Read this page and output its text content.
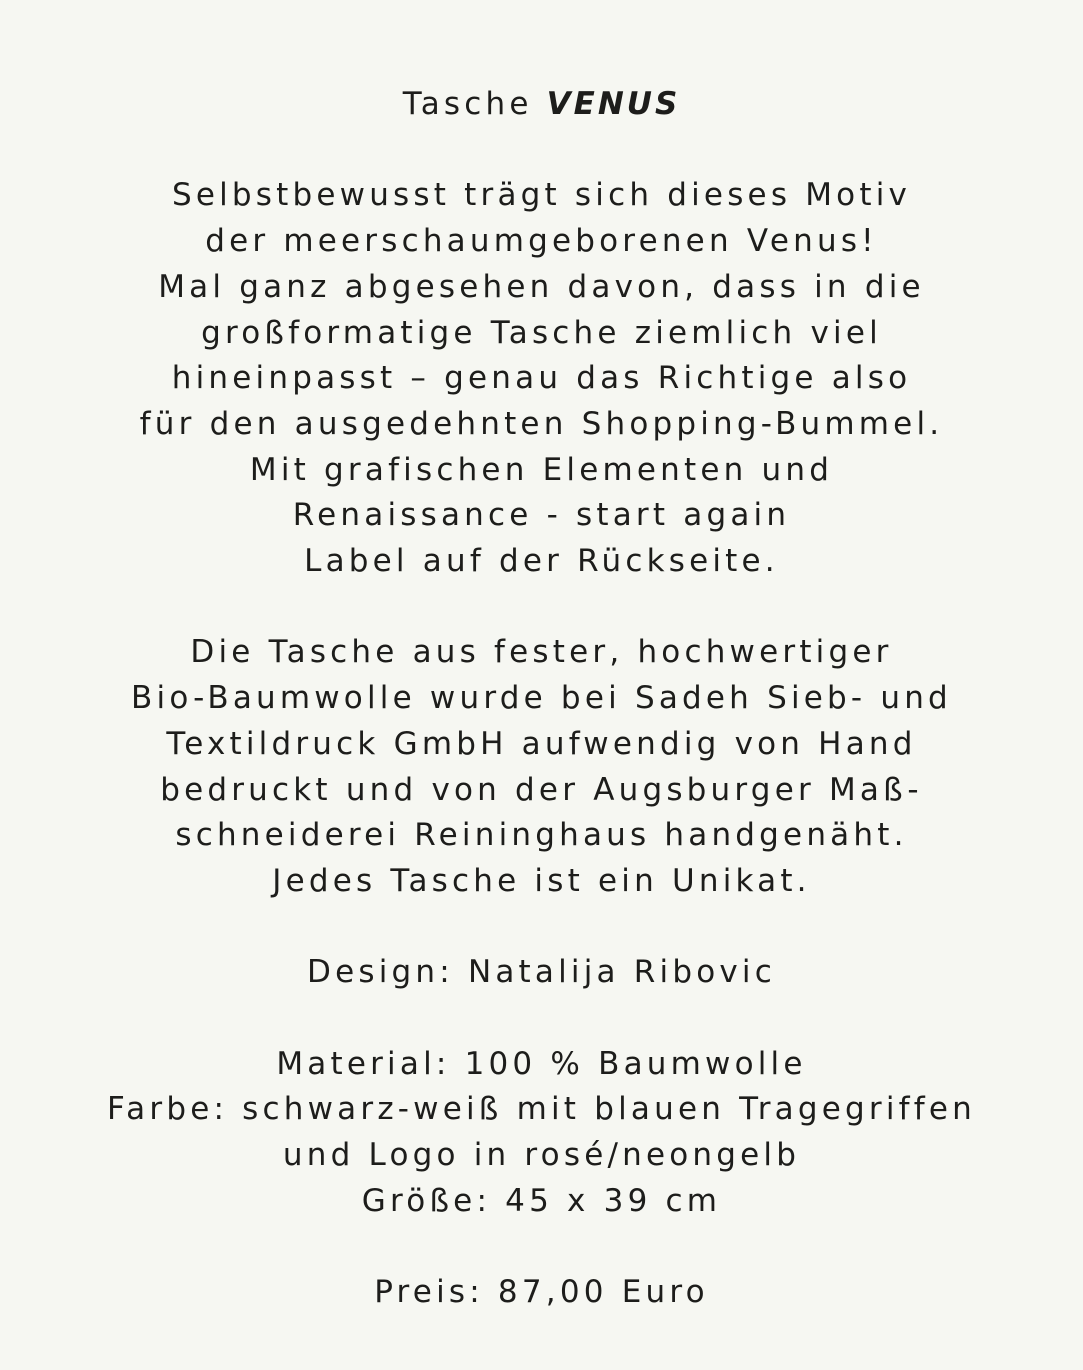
Tasche VENUS

Selbstbewusst trägt sich dieses Motiv

der meerschaumgeborenen Venus!

Mal ganz abgesehen davon, dass in die

großformatige Tasche ziemlich viel

hineinpasst – genau das Richtige also

für den ausgedehnten Shopping-Bummel.

Mit grafischen Elementen und

Renaissance - start again

Label auf der Rückseite.

Die Tasche aus fester, hochwertiger

Bio-Baumwolle wurde bei Sadeh Sieb- und

Textildruck GmbH aufwendig von Hand

bedruckt und von der Augsburger Maß-

schneiderei Reininghaus handgenäht.

Jedes Tasche ist ein Unikat.

Design: Natalija Ribovic

Material: 100 % Baumwolle

Farbe: schwarz-weiß mit blauen Tragegriffen

und Logo in rosé/neongelb

Größe: 45 x 39 cm

Preis: 87,00 Euro
